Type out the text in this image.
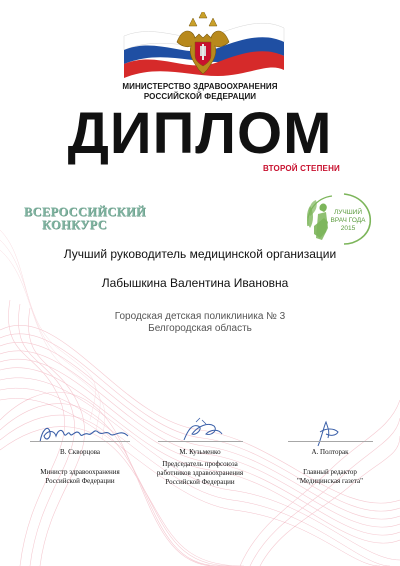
МИНИСТЕРСТВО ЗДРАВООХРАНЕНИЯ
РОССИЙСКОЙ ФЕДЕРАЦИИ
ДИПЛОМ
ВТОРОЙ СТЕПЕНИ
ВСЕРОССИЙСКИЙ
КОНКУРС
ЛУЧШИЙ
ВРАЧ ГОДА
2015
Лучший руководитель медицинской организации
Лабышкина Валентина Ивановна
Городская детская поликлиника № 3
Белгородская область
В. Скворцова	М. Кузьменко	А. Полторак
Министр здравоохранения
Российской Федерации
Председатель профсоюза
работников здравоохранения
Российской Федерации
Главный редактор
"Медицинская газета"
